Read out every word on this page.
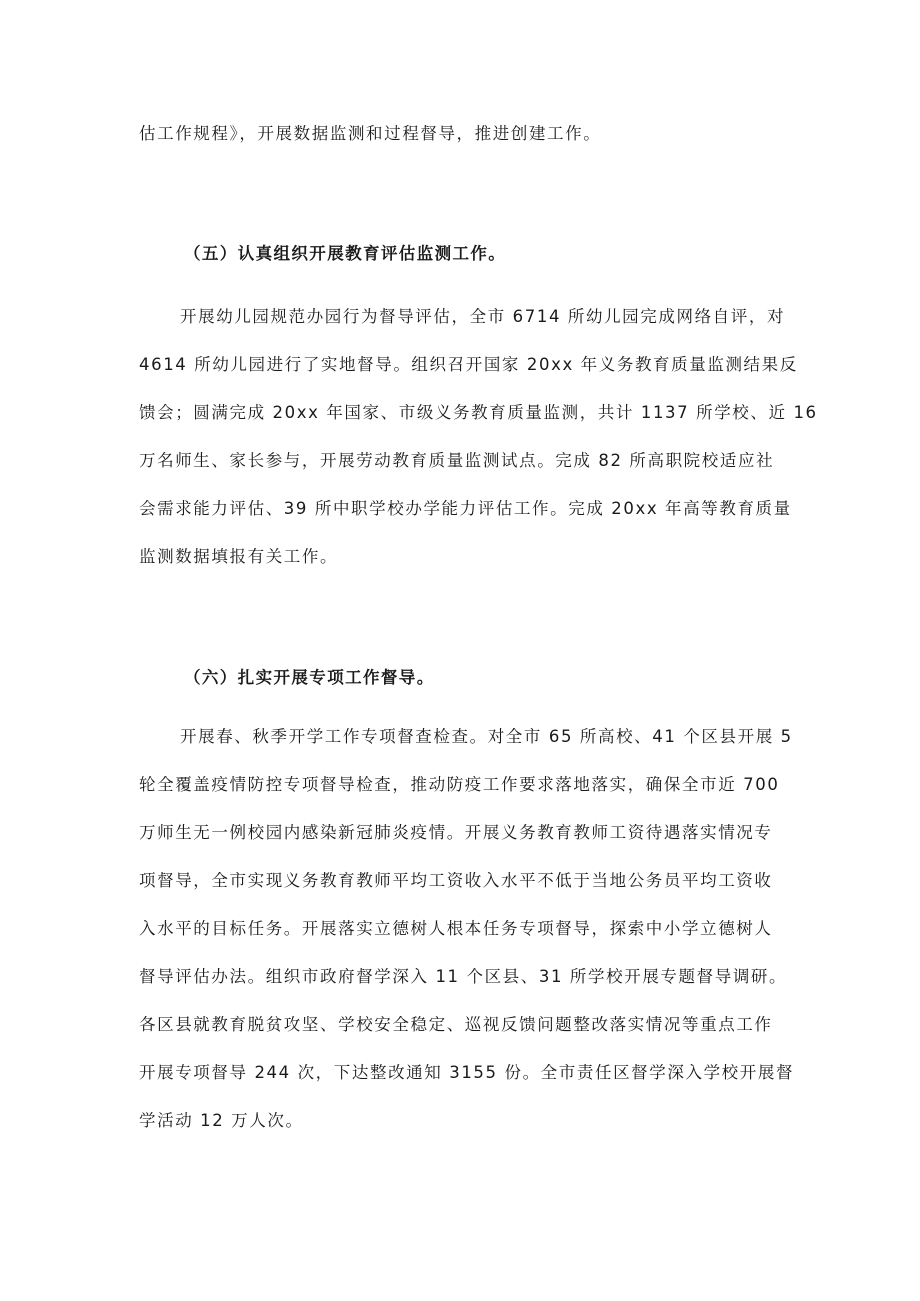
估工作规程》，开展数据监测和过程督导，推进创建工作。
（五）认真组织开展教育评估监测工作。
开展幼儿园规范办园行为督导评估，全市 6714 所幼儿园完成网络自评，对
4614 所幼儿园进行了实地督导。组织召开国家 20xx 年义务教育质量监测结果反
馈会；圆满完成 20xx 年国家、市级义务教育质量监测，共计 1137 所学校、近 16
万名师生、家长参与，开展劳动教育质量监测试点。完成 82 所高职院校适应社
会需求能力评估、39 所中职学校办学能力评估工作。完成 20xx 年高等教育质量
监测数据填报有关工作。
（六）扎实开展专项工作督导。
开展春、秋季开学工作专项督查检查。对全市 65 所高校、41 个区县开展 5
轮全覆盖疫情防控专项督导检查，推动防疫工作要求落地落实，确保全市近 700
万师生无一例校园内感染新冠肺炎疫情。开展义务教育教师工资待遇落实情况专
项督导，全市实现义务教育教师平均工资收入水平不低于当地公务员平均工资收
入水平的目标任务。开展落实立德树人根本任务专项督导，探索中小学立德树人
督导评估办法。组织市政府督学深入 11 个区县、31 所学校开展专题督导调研。
各区县就教育脱贫攻坚、学校安全稳定、巡视反馈问题整改落实情况等重点工作
开展专项督导 244 次，下达整改通知 3155 份。全市责任区督学深入学校开展督
学活动 12 万人次。
